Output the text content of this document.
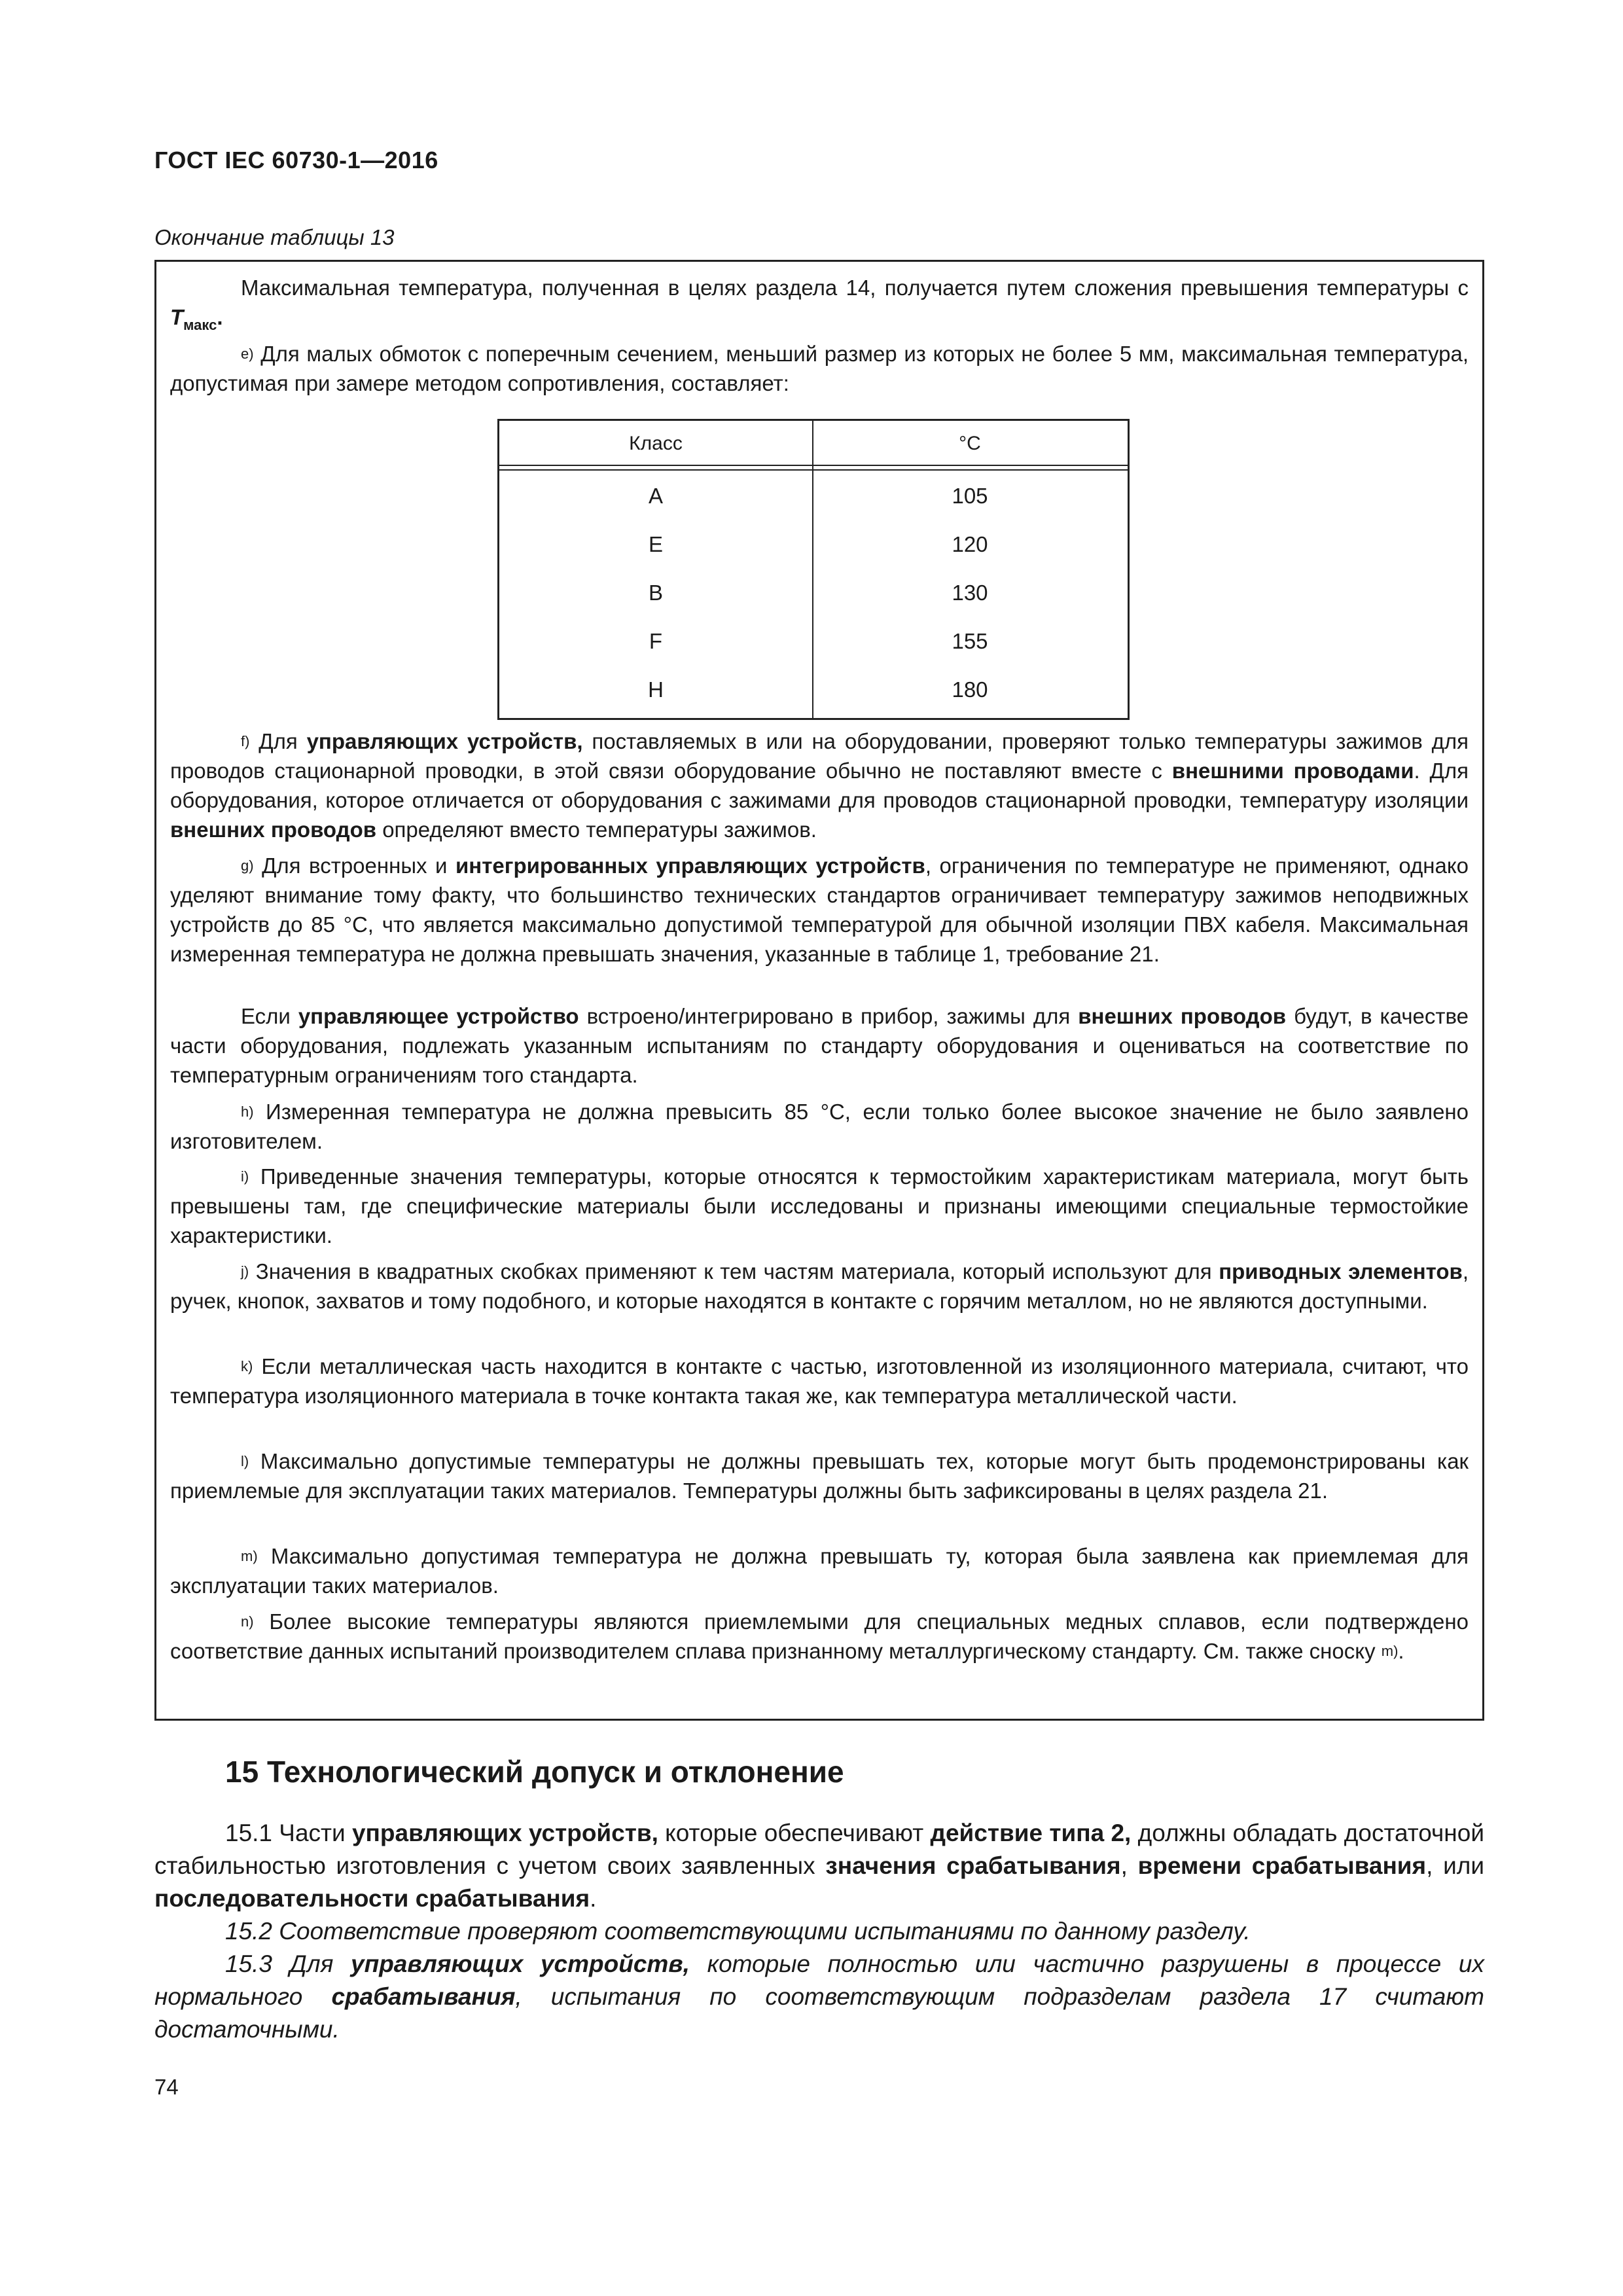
ГОСТ IEC 60730-1—2016
Окончание таблицы 13
Максимальная температура, полученная в целях раздела 14, получается путем сложения превышения температуры с $T_{макс}$.
$^{e)}$ Для малых обмоток с поперечным сечением, меньший размер из которых не более 5 мм, максимальная температура, допустимая при замере методом сопротивления, составляет:
Класс	°С
A	105
E	120
B	130
F	155
H	180
$^{f)}$ Для управляющих устройств, поставляемых в или на оборудовании, проверяют только температуры зажимов для проводов стационарной проводки, в этой связи оборудование обычно не поставляют вместе с внешними проводами. Для оборудования, которое отличается от оборудования с зажимами для проводов стационарной проводки, температуру изоляции внешних проводов определяют вместо температуры зажимов.
$^{g)}$ Для встроенных и интегрированных управляющих устройств, ограничения по температуре не применяют, однако уделяют внимание тому факту, что большинство технических стандартов ограничивает температуру зажимов неподвижных устройств до 85 °С, что является максимально допустимой температурой для обычной изоляции ПВХ кабеля. Максимальная измеренная температура не должна превышать значения, указанные в таблице 1, требование 21.
Если управляющее устройство встроено/интегрировано в прибор, зажимы для внешних проводов будут, в качестве части оборудования, подлежать указанным испытаниям по стандарту оборудования и оцениваться на соответствие по температурным ограничениям того стандарта.
$^{h)}$ Измеренная температура не должна превысить 85 °С, если только более высокое значение не было заявлено изготовителем.
$^{i)}$ Приведенные значения температуры, которые относятся к термостойким характеристикам материала, могут быть превышены там, где специфические материалы были исследованы и признаны имеющими специальные термостойкие характеристики.
$^{j)}$ Значения в квадратных скобках применяют к тем частям материала, который используют для приводных элементов, ручек, кнопок, захватов и тому подобного, и которые находятся в контакте с горячим металлом, но не являются доступными.
$^{k)}$ Если металлическая часть находится в контакте с частью, изготовленной из изоляционного материала, считают, что температура изоляционного материала в точке контакта такая же, как температура металлической части.
$^{l)}$ Максимально допустимые температуры не должны превышать тех, которые могут быть продемонстрированы как приемлемые для эксплуатации таких материалов. Температуры должны быть зафиксированы в целях раздела 21.
$^{m)}$ Максимально допустимая температура не должна превышать ту, которая была заявлена как приемлемая для эксплуатации таких материалов.
$^{n)}$ Более высокие температуры являются приемлемыми для специальных медных сплавов, если подтверждено соответствие данных испытаний производителем сплава признанному металлургическому стандарту. См. также сноску $^{m)}$.
15 Технологический допуск и отклонение
15.1 Части управляющих устройств, которые обеспечивают действие типа 2, должны обладать достаточной стабильностью изготовления с учетом своих заявленных значения срабатывания, времени срабатывания, или последовательности срабатывания.
15.2 Соответствие проверяют соответствующими испытаниями по данному разделу.
15.3 Для управляющих устройств, которые полностью или частично разрушены в процессе их нормального срабатывания, испытания по соответствующим подразделам раздела 17 считают достаточными.
74
